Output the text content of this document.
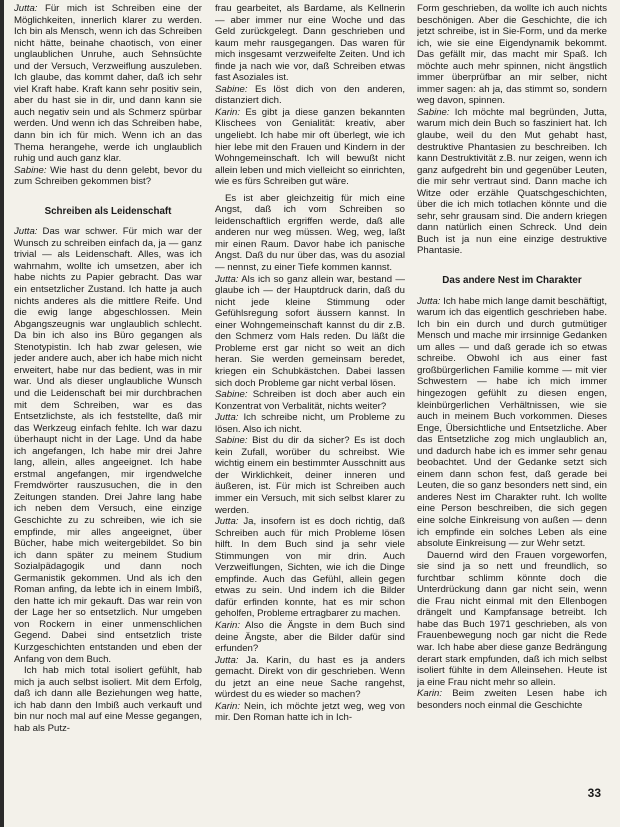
Jutta: Für mich ist Schreiben eine der Möglichkeiten, innerlich klarer zu werden. Ich bin als Mensch, wenn ich das Schreiben nicht hätte, beinahe chaotisch, von einer unglaublichen Unruhe, auch Sehnsüchte und der Versuch, Verzweiflung auszuleben. Ich glaube, das kommt daher, daß ich sehr viel Kraft habe. Kraft kann sehr positiv sein, aber du hast sie in dir, und dann kann sie auch negativ sein und als Schmerz spürbar werden. Und wenn ich das Schreiben habe, dann bin ich für mich. Wenn ich an das Thema herangehe, werde ich unglaublich ruhig und auch ganz klar.

Sabine: Wie hast du denn gelebt, bevor du zum Schreiben gekommen bist?

Schreiben als Leidenschaft

Jutta: Das war schwer. Für mich war der Wunsch zu schreiben einfach da, ja — ganz trivial — als Leidenschaft. Alles, was ich wahrnahm, wollte ich umsetzen, aber ich habe nichts zu Papier gebracht. Das war ein entsetzlicher Zustand. Ich hatte ja auch nichts anderes als die mittlere Reife. Und die ewig lange abgeschlossen. Mein Abgangszeugnis war unglaublich schlecht. Da bin ich also ins Büro gegangen als Stenotypistin. Ich hab zwar gelesen, wie jeder andere auch, aber ich habe mich nicht erweitert, habe nur das bedient, was in mir war. Und als dieser unglaubliche Wunsch und die Leidenschaft bei mir durchbrachen mit dem Schreiben, war es das Entsetzlichste, als ich feststellte, daß mir das Werkzeug einfach fehlte. Ich war dazu überhaupt nicht in der Lage. Und da habe ich angefangen, Ich habe mir drei Jahre lang, allein, alles angeeignet. Ich habe erstmal angefangen, mir irgendwelche Fremdwörter rauszusuchen, die in den Zeitungen standen. Drei Jahre lang habe ich neben dem Versuch, eine einzige Geschichte zu zu schreiben, wie ich sie empfinde, mir alles angeeignet, über Bücher, habe mich weitergebildet. So bin ich dann später zu meinem Studium Sozialpädagogik und dann noch Germanistik gekommen. Und als ich den Roman anfing, da lebte ich in einem Imbiß, den hatte ich mir gekauft. Das war rein von der Lage her so entsetzlich. Nur umgeben von Rockern in einer unmenschlichen Gegend. Dabei sind entsetzlich triste Kurzgeschichten entstanden und eben der Anfang von dem Buch.

Ich hab mich total isoliert gefühlt, hab mich ja auch selbst isoliert. Mit dem Erfolg, daß ich dann alle Beziehungen weg hatte, ich hab dann den Imbiß auch verkauft und bin nur noch mal auf eine Messe gegangen, hab als Putz-

frau gearbeitet, als Bardame, als Kellnerin — aber immer nur eine Woche und das Geld zurückgelegt. Dann geschrieben und kaum mehr rausgegangen. Das waren für mich insgesamt verzweifelte Zeiten. Und ich finde ja nach wie vor, daß Schreiben etwas fast Asoziales ist.

Sabine: Es löst dich von den anderen, distanziert dich.

Karin: Es gibt ja diese ganzen bekannten Klischees von Genialität: kreativ, aber ungeliebt. Ich habe mir oft überlegt, wie ich hier lebe mit den Frauen und Kindern in der Wohngemeinschaft. Ich will bewußt nicht allein leben und mich vielleicht so einrichten, wie es fürs Schreiben gut wäre.

Es ist aber gleichzeitig für mich eine Angst, daß ich vom Schreiben so leidenschaftlich ergriffen werde, daß alle anderen nur weg müssen. Weg, weg, laßt mir einen Raum. Davor habe ich panische Angst. Daß du nur über das, was du asozial — nennst, zu einer Tiefe kommen kannst.

Jutta: Als ich so ganz allein war, bestand — glaube ich — der Hauptdruck darin, daß du nicht jede kleine Stimmung oder Gefühlsregung sofort äussern kannst. In einer Wohngemeinschaft kannst du dir z.B. den Schmerz vom Hals reden. Du läßt die Probleme erst gar nicht so weit an dich heran. Sie werden gemeinsam beredet, kriegen ein Schubkästchen. Dabei lassen sich doch Probleme gar nicht verbal lösen.

Sabine: Schreiben ist doch aber auch ein Konzentrat von Verbalität, nichts weiter?

Jutta: Ich schreibe nicht, um Probleme zu lösen. Also ich nicht.

Sabine: Bist du dir da sicher? Es ist doch kein Zufall, worüber du schreibst. Wie wichtig einem ein bestimmter Ausschnitt aus der Wirklichkeit, deiner inneren und äußeren, ist. Für mich ist Schreiben auch immer ein Versuch, mit sich selbst klarer zu werden.

Jutta: Ja, insofern ist es doch richtig, daß Schreiben auch für mich Probleme lösen hilft. In dem Buch sind ja sehr viele Stimmungen von mir drin. Auch Verzweiflungen, Sichten, wie ich die Dinge empfinde. Auch das Gefühl, allein gegen etwas zu sein. Und indem ich die Bilder dafür erfinden konnte, hat es mir schon geholfen, Probleme ertragbarer zu machen.

Karin: Also die Ängste in dem Buch sind deine Ängste, aber die Bilder dafür sind erfunden?

Jutta: Ja. Karin, du hast es ja anders gemacht. Direkt von dir geschrieben. Wenn du jetzt an eine neue Sache rangehst, würdest du es wieder so machen?

Karin: Nein, ich möchte jetzt weg, weg von mir. Den Roman hatte ich in Ich-

Form geschrieben, da wollte ich auch nichts beschönigen. Aber die Geschichte, die ich jetzt schreibe, ist in Sie-Form, und da merke ich, wie sie eine Eigendynamik bekommt. Das gefällt mir, das macht mir Spaß. Ich möchte auch mehr spinnen, nicht ängstlich immer überprüfbar an mir selber, nicht immer sagen: ah ja, das stimmt so, sondern weg davon, spinnen.

Sabine: Ich möchte mal begründen, Jutta, warum mich dein Buch so fasziniert hat. Ich glaube, weil du den Mut gehabt hast, destruktive Phantasien zu beschreiben. Ich kann Destruktivität z.B. nur zeigen, wenn ich ganz aufgedreht bin und gegenüber Leuten, die mir sehr vertraut sind. Dann mache ich Witze oder erzähle Quatschgeschichten, über die ich mich totlachen könnte und die sehr, sehr grausam sind. Die andern kriegen dann natürlich einen Schreck. Und dein Buch ist ja nun eine einzige destruktive Phantasie.

Das andere Nest im Charakter

Jutta: Ich habe mich lange damit beschäftigt, warum ich das eigentlich geschrieben habe. Ich bin ein durch und durch gutmütiger Mensch und mache mir irrsinnige Gedanken um alles — und daß gerade ich so etwas schreibe. Obwohl ich aus einer fast großbürgerlichen Familie komme — mit vier Schwestern — habe ich mich immer hingezogen gefühlt zu diesen engen, kleinbürgerlichen Verhältnissen, wie sie auch in meinem Buch vorkommen. Dieses Enge, Übersichtliche und Entsetzliche. Aber das Entsetzliche zog mich unglaublich an, und dadurch habe ich es immer sehr genau beobachtet. Und der Gedanke setzt sich einem dann schon fest, daß gerade bei Leuten, die so ganz besonders nett sind, ein anderes Nest im Charakter ruht. Ich wollte eine Person beschreiben, die sich gegen eine solche Einkreisung von außen — denn ich empfinde ein solches Leben als eine absolute Einkreisung — zur Wehr setzt.

Dauernd wird den Frauen vorgeworfen, sie sind ja so nett und freundlich, so furchtbar schlimm könnte doch die Unterdrückung dann gar nicht sein, wenn die Frau nicht einmal mit den Ellenbogen drängelt und Kampfansage betreibt. Ich habe das Buch 1971 geschrieben, als von Frauenbewegung noch gar nicht die Rede war. Ich habe aber diese ganze Bedrängung derart stark empfunden, daß ich mich selbst isoliert fühlte in dem Alleinsehen. Heute ist ja eine Frau nicht mehr so allein.

Karin: Beim zweiten Lesen habe ich besonders noch einmal die Geschichte

33
